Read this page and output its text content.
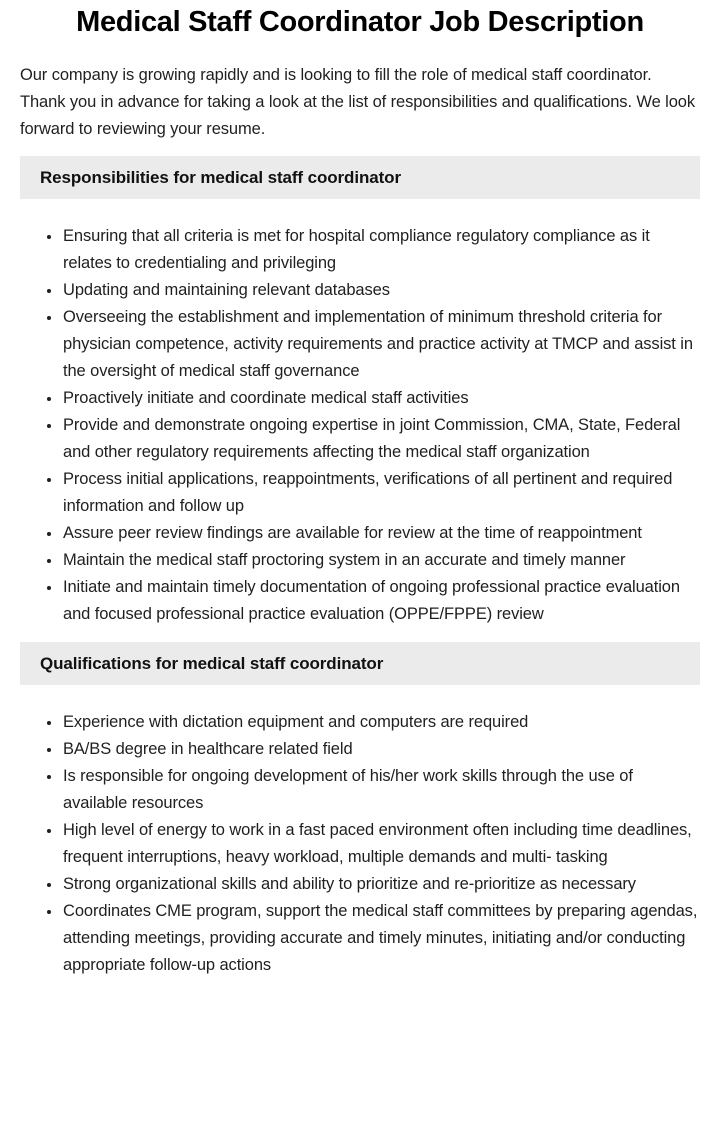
Medical Staff Coordinator Job Description

Our company is growing rapidly and is looking to fill the role of medical staff coordinator. Thank you in advance for taking a look at the list of responsibilities and qualifications. We look forward to reviewing your resume.

Responsibilities for medical staff coordinator
• Ensuring that all criteria is met for hospital compliance regulatory compliance as it relates to credentialing and privileging
• Updating and maintaining relevant databases
• Overseeing the establishment and implementation of minimum threshold criteria for physician competence, activity requirements and practice activity at TMCP and assist in the oversight of medical staff governance
• Proactively initiate and coordinate medical staff activities
• Provide and demonstrate ongoing expertise in joint Commission, CMA, State, Federal and other regulatory requirements affecting the medical staff organization
• Process initial applications, reappointments, verifications of all pertinent and required information and follow up
• Assure peer review findings are available for review at the time of reappointment
• Maintain the medical staff proctoring system in an accurate and timely manner
• Initiate and maintain timely documentation of ongoing professional practice evaluation and focused professional practice evaluation (OPPE/FPPE) review
Qualifications for medical staff coordinator
• Experience with dictation equipment and computers are required
• BA/BS degree in healthcare related field
• Is responsible for ongoing development of his/her work skills through the use of available resources
• High level of energy to work in a fast paced environment often including time deadlines, frequent interruptions, heavy workload, multiple demands and multi- tasking
• Strong organizational skills and ability to prioritize and re-prioritize as necessary
• Coordinates CME program, support the medical staff committees by preparing agendas, attending meetings, providing accurate and timely minutes, initiating and/or conducting appropriate follow-up actions
